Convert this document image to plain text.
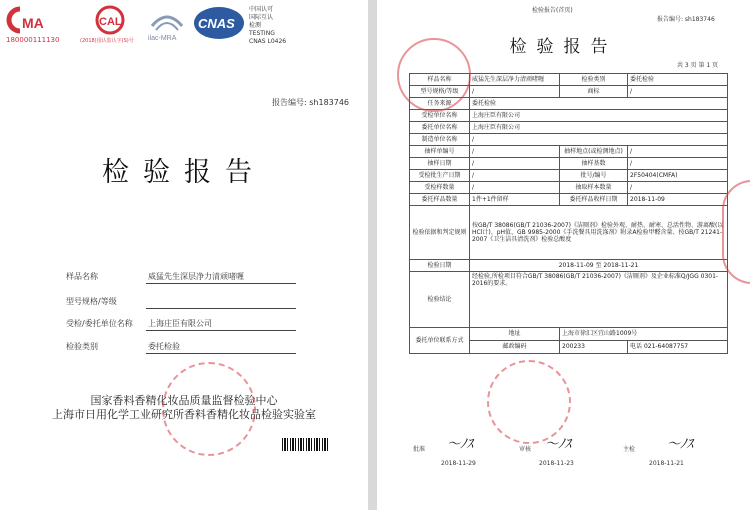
MA
180000111130
CAL
(2018)国认监认字(S)号 ilac-MRA
CNAS
中国认可
国际互认
检测
TESTING
CNAS L0426
报告编号: sh183746
检验报告
样品名称	威猛先生深层净力清顽啫喱
型号规格/等级
受检/委托单位名称 上海庄臣有限公司
检验类别	委托检验
国家香料香精化妆品质量监督检验中心
上海市日用化学工业研究所香料香精化妆品检验实验室
检验报告(首页)
报告编号: sh183746
检验报告
共 3 页 第 1 页
样品名称	威猛先生深层净力清顽啫喱	检验类别	委托检验
型号规格/等级	/	商标	/
任务来源	委托检验		
受检单位名称	上海庄臣有限公司		
委托单位名称	上海庄臣有限公司		
制造单位名称	/		
抽样单编号	/	抽样地点(或检测地点)	/
抽样日期	/	抽样基数	/
受检批生产日期	/	批号/编号	2F50404(CMFA)
受检样数量	/	抽取样本数量	/
委托样品数量	1件+1件留样	委托样品收样日期	2018-11-09
检验依据和判定规则	按GB/T 38086(GB/T 21036-2007)《洁厕剂》检验外观、耐热、耐寒、总活性物、游离酸(以HCl计)、pH值、GB 9985-2000《手洗餐具用洗涤剂》附录A检验甲醛含量、按GB/T 21241-2007《卫生洁具清洗剂》检验总酸度		
检验日期	2018-11-09 至 2018-11-21		
检验结论	经检验,所检项目符合GB/T 38086(GB/T 21036-2007)《洁厕剂》及企业标准Q/JGG 0301-2016的要求。		
委托单位联系方式	地址	上海市徐汇区宜山路1009号	
	邮政编码	200233	电话 021-64087757
批准 〜ﾉｽ
2018-11-29
审核 〜ﾉｽ
2018-11-23
主检 〜ﾉｽ
2018-11-21
